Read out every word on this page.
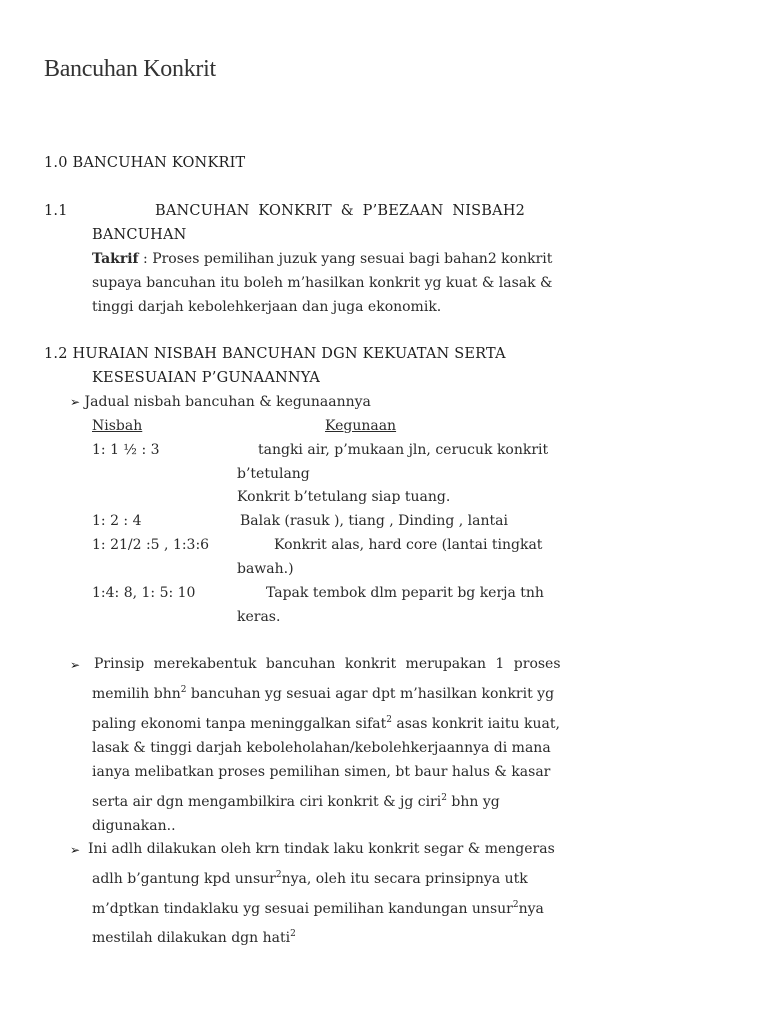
Bancuhan Konkrit
1.0 BANCUHAN KONKRIT
1.1	BANCUHAN KONKRIT & P’BEZAAN NISBAH2
BANCUHAN
Takrif : Proses pemilihan juzuk yang sesuai bagi bahan2 konkrit
supaya bancuhan itu boleh m’hasilkan konkrit yg kuat & lasak &
tinggi darjah kebolehkerjaan dan juga ekonomik.
1.2 HURAIAN NISBAH BANCUHAN DGN KEKUATAN SERTA
KESESUAIAN P’GUNAANNYA
➢ Jadual nisbah bancuhan & kegunaannya
Nisbah	Kegunaan
1: 1 ½ : 3	tangki air, p’mukaan jln, cerucuk konkrit
b’tetulang
Konkrit b’tetulang siap tuang.
1: 2 : 4	Balak (rasuk ), tiang , Dinding , lantai
1: 21/2 :5 , 1:3:6	Konkrit alas, hard core (lantai tingkat
bawah.)
1:4: 8, 1: 5: 10	Tapak tembok dlm peparit bg kerja tnh
keras.
➢ Prinsip merekabentuk bancuhan konkrit merupakan 1 proses
memilih bhn$^2$ bancuhan yg sesuai agar dpt m’hasilkan konkrit yg
paling ekonomi tanpa meninggalkan sifat$^2$ asas konkrit iaitu kuat,
lasak & tinggi darjah keboleholahan/kebolehkerjaannya di mana
ianya melibatkan proses pemilihan simen, bt baur halus & kasar
serta air dgn mengambilkira ciri konkrit & jg ciri$^2$ bhn yg
digunakan..
➢ Ini adlh dilakukan oleh krn tindak laku konkrit segar & mengeras
adlh b’gantung kpd unsur$^2$nya, oleh itu secara prinsipnya utk
m’dptkan tindaklaku yg sesuai pemilihan kandungan unsur$^2$nya
mestilah dilakukan dgn hati$^2$
